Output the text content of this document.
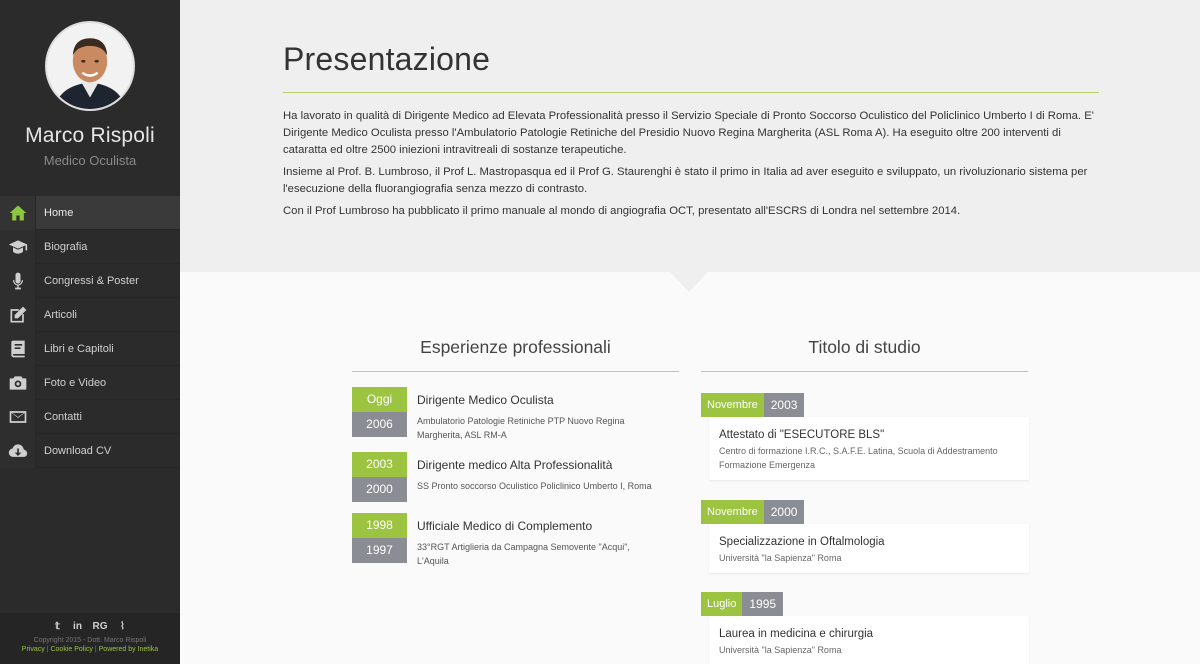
Marco Rispoli
Medico Oculista
Home
Biografia
Congressi & Poster
Articoli
Libri e Capitoli
Foto e Video
Contatti
Download CV
𝕥 in RG ⌇
Copyright 2015 - Dott. Marco Rispoli
Privacy | Cookie Policy | Powered by Inetika
Presentazione

Ha lavorato in qualità di Dirigente Medico ad Elevata Professionalità presso il Servizio Speciale di Pronto Soccorso Oculistico del Policlinico Umberto I di Roma. E' Dirigente Medico Oculista presso l'Ambulatorio Patologie Retiniche del Presidio Nuovo Regina Margherita (ASL Roma A). Ha eseguito oltre 200 interventi di cataratta ed oltre 2500 iniezioni intravitreali di sostanze terapeutiche.

Insieme al Prof. B. Lumbroso, il Prof L. Mastropasqua ed il Prof G. Staurenghi è stato il primo in Italia ad aver eseguito e sviluppato, un rivoluzionario sistema per l'esecuzione della fluorangiografia senza mezzo di contrasto.

Con il Prof Lumbroso ha pubblicato il primo manuale al mondo di angiografia OCT, presentato all'ESCRS di Londra nel settembre 2014.

Esperienze professionali
Oggi
2006
Dirigente Medico Oculista
Ambulatorio Patologie Retiniche PTP Nuovo Regina Margherita, ASL RM-A
2003
2000
Dirigente medico Alta Professionalità
SS Pronto soccorso Oculistico Policlinico Umberto I, Roma
1998
1997
Ufficiale Medico di Complemento
33°RGT Artiglieria da Campagna Semovente "Acqui", L'Aquila
Titolo di studio
Novembre	2003
Attestato di "ESECUTORE BLS"
Centro di formazione I.R.C., S.A.F.E. Latina, Scuola di Addestramento Formazione Emergenza
Novembre	2000
Specializzazione in Oftalmologia
Università "la Sapienza" Roma
Luglio	1995
Laurea in medicina e chirurgia
Università "la Sapienza" Roma
